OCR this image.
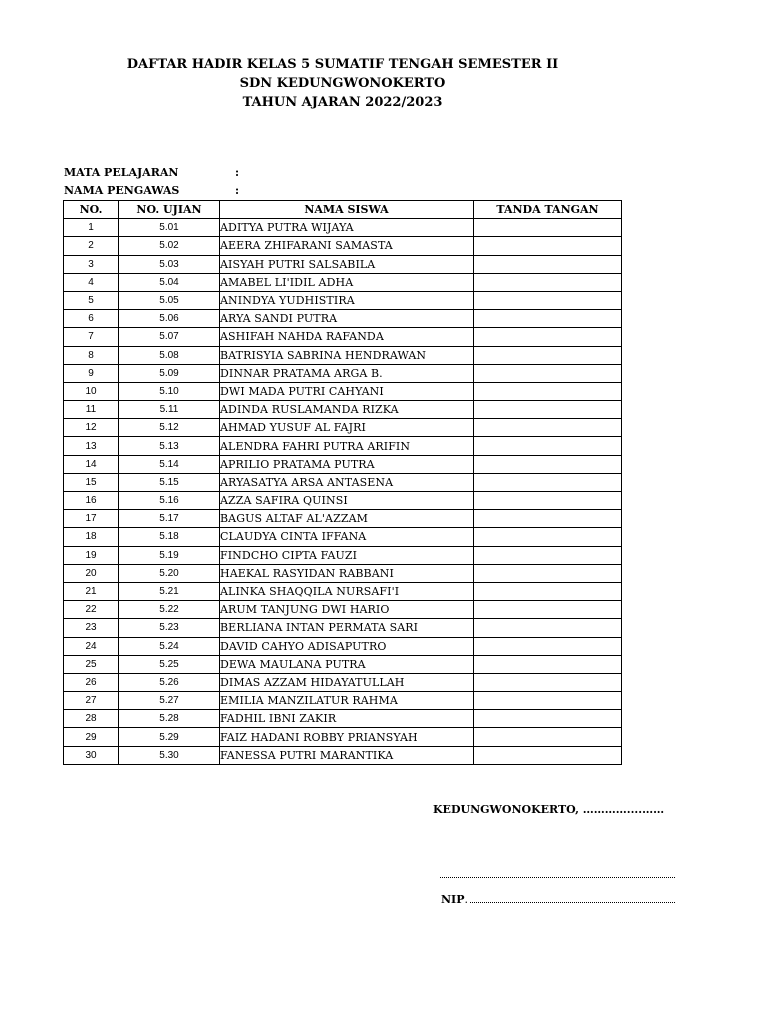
DAFTAR HADIR KELAS 5 SUMATIF TENGAH SEMESTER II
SDN KEDUNGWONOKERTO
TAHUN AJARAN 2022/2023
MATA PELAJARAN	:
NAMA PENGAWAS	:
NO.	NO. UJIAN	NAMA SISWA	TANDA TANGAN
1	5.01	ADITYA PUTRA WIJAYA	
2	5.02	AEERA ZHIFARANI SAMASTA	
3	5.03	AISYAH PUTRI SALSABILA	
4	5.04	AMABEL LI'IDIL ADHA	
5	5.05	ANINDYA YUDHISTIRA	
6	5.06	ARYA SANDI PUTRA	
7	5.07	ASHIFAH NAHDA RAFANDA	
8	5.08	BATRISYIA SABRINA HENDRAWAN	
9	5.09	DINNAR PRATAMA ARGA B.	
10	5.10	DWI MADA PUTRI CAHYANI	
11	5.11	ADINDA RUSLAMANDA RIZKA	
12	5.12	AHMAD YUSUF AL FAJRI	
13	5.13	ALENDRA FAHRI PUTRA ARIFIN	
14	5.14	APRILIO PRATAMA PUTRA	
15	5.15	ARYASATYA ARSA ANTASENA	
16	5.16	AZZA SAFIRA QUINSI	
17	5.17	BAGUS ALTAF AL'AZZAM	
18	5.18	CLAUDYA CINTA IFFANA	
19	5.19	FINDCHO CIPTA FAUZI	
20	5.20	HAEKAL RASYIDAN RABBANI	
21	5.21	ALINKA SHAQQILA NURSAFI'I	
22	5.22	ARUM TANJUNG DWI HARIO	
23	5.23	BERLIANA INTAN PERMATA SARI	
24	5.24	DAVID CAHYO ADISAPUTRO	
25	5.25	DEWA MAULANA PUTRA	
26	5.26	DIMAS AZZAM HIDAYATULLAH	
27	5.27	EMILIA MANZILATUR RAHMA	
28	5.28	FADHIL IBNI ZAKIR	
29	5.29	FAIZ HADANI ROBBY PRIANSYAH	
30	5.30	FANESSA PUTRI MARANTIKA	
KEDUNGWONOKERTO, …………....……
NIP.
